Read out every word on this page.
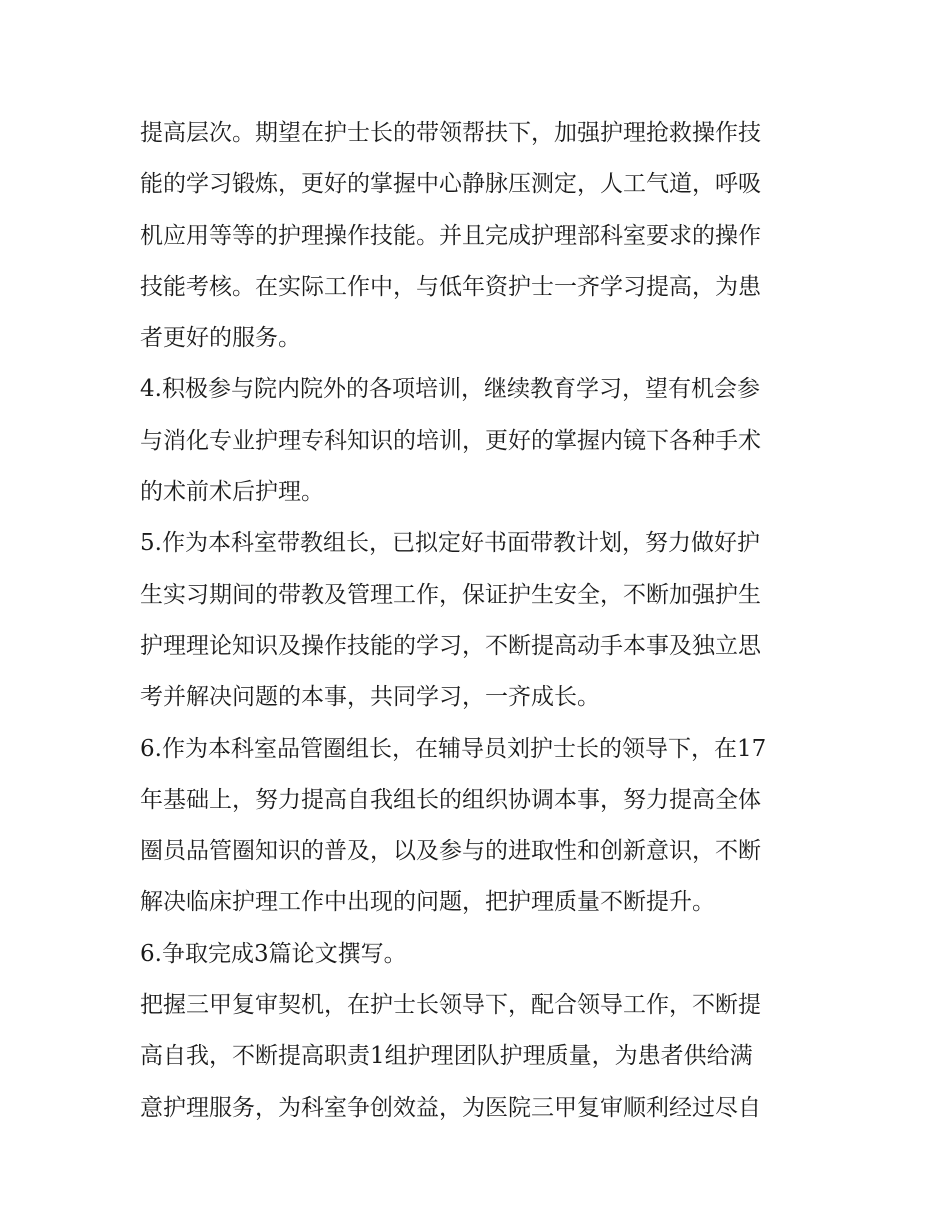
提高层次。期望在护士长的带领帮扶下，加强护理抢救操作技
能的学习锻炼，更好的掌握中心静脉压测定，人工气道，呼吸
机应用等等的护理操作技能。并且完成护理部科室要求的操作
技能考核。在实际工作中，与低年资护士一齐学习提高，为患
者更好的服务。

4.积极参与院内院外的各项培训，继续教育学习，望有机会参
与消化专业护理专科知识的培训，更好的掌握内镜下各种手术
的术前术后护理。

5.作为本科室带教组长，已拟定好书面带教计划，努力做好护
生实习期间的带教及管理工作，保证护生安全，不断加强护生
护理理论知识及操作技能的学习，不断提高动手本事及独立思
考并解决问题的本事，共同学习，一齐成长。

6.作为本科室品管圈组长，在辅导员刘护士长的领导下，在17
年基础上，努力提高自我组长的组织协调本事，努力提高全体
圈员品管圈知识的普及，以及参与的进取性和创新意识，不断
解决临床护理工作中出现的问题，把护理质量不断提升。

6.争取完成3篇论文撰写。

把握三甲复审契机，在护士长领导下，配合领导工作，不断提
高自我，不断提高职责1组护理团队护理质量，为患者供给满
意护理服务，为科室争创效益，为医院三甲复审顺利经过尽自
